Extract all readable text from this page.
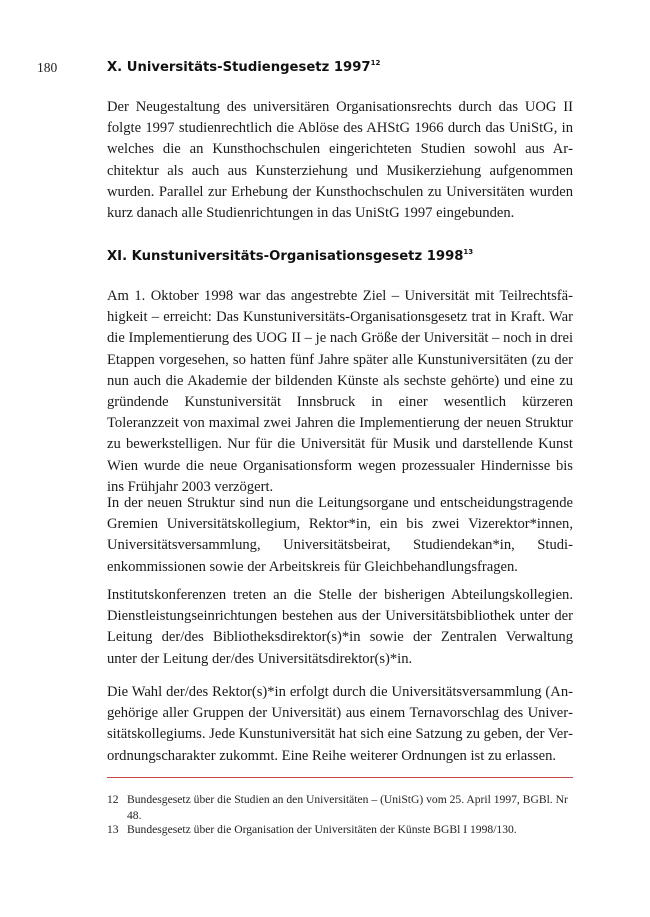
180	X. Universitäts-Studiengesetz 1997$^{12}$

Der Neugestaltung des universitären Organisationsrechts durch das UOG II folgte 1997 studienrechtlich die Ablöse des AHStG 1966 durch das UniStG, in welches die an Kunsthochschulen eingerichteten Studien sowohl aus Architektur als auch aus Kunsterziehung und Musikerziehung aufgenommen wurden. Parallel zur Erhebung der Kunsthochschulen zu Universitäten wurden kurz danach alle Studienrichtungen in das UniStG 1997 eingebunden.

XI. Kunstuniversitäts-Organisationsgesetz 1998$^{13}$

Am 1. Oktober 1998 war das angestrebte Ziel – Universität mit Teilrechtsfähigkeit – erreicht: Das Kunstuniversitäts-Organisationsgesetz trat in Kraft. War die Implementierung des UOG II – je nach Größe der Universität – noch in drei Etappen vorgesehen, so hatten fünf Jahre später alle Kunstuniversitäten (zu der nun auch die Akademie der bildenden Künste als sechste gehörte) und eine zu gründende Kunstuniversität Innsbruck in einer wesentlich kürzeren Toleranzzeit von maximal zwei Jahren die Implementierung der neuen Struktur zu bewerkstelligen. Nur für die Universität für Musik und darstellende Kunst Wien wurde die neue Organisationsform wegen prozessualer Hindernisse bis ins Frühjahr 2003 verzögert.

In der neuen Struktur sind nun die Leitungsorgane und entscheidungstragende Gremien Universitätskollegium, Rektor*in, ein bis zwei Vizerektor*innen, Universitätsversammlung, Universitätsbeirat, Studiendekan*in, Studienkommissionen sowie der Arbeitskreis für Gleichbehandlungsfragen.

Institutskonferenzen treten an die Stelle der bisherigen Abteilungskollegien. Dienstleistungseinrichtungen bestehen aus der Universitätsbibliothek unter der Leitung der/des Bibliotheksdirektor(s)*in sowie der Zentralen Verwaltung unter der Leitung der/des Universitätsdirektor(s)*in.

Die Wahl der/des Rektor(s)*in erfolgt durch die Universitätsversammlung (Angehörige aller Gruppen der Universität) aus einem Ternavorschlag des Universitätskollegiums. Jede Kunstuniversität hat sich eine Satzung zu geben, der Verordnungscharakter zukommt. Eine Reihe weiterer Ordnungen ist zu erlassen.

12 Bundesgesetz über die Studien an den Universitäten – (UniStG) vom 25. April 1997, BGBl. Nr 48.
13 Bundesgesetz über die Organisation der Universitäten der Künste BGBl I 1998/130.
